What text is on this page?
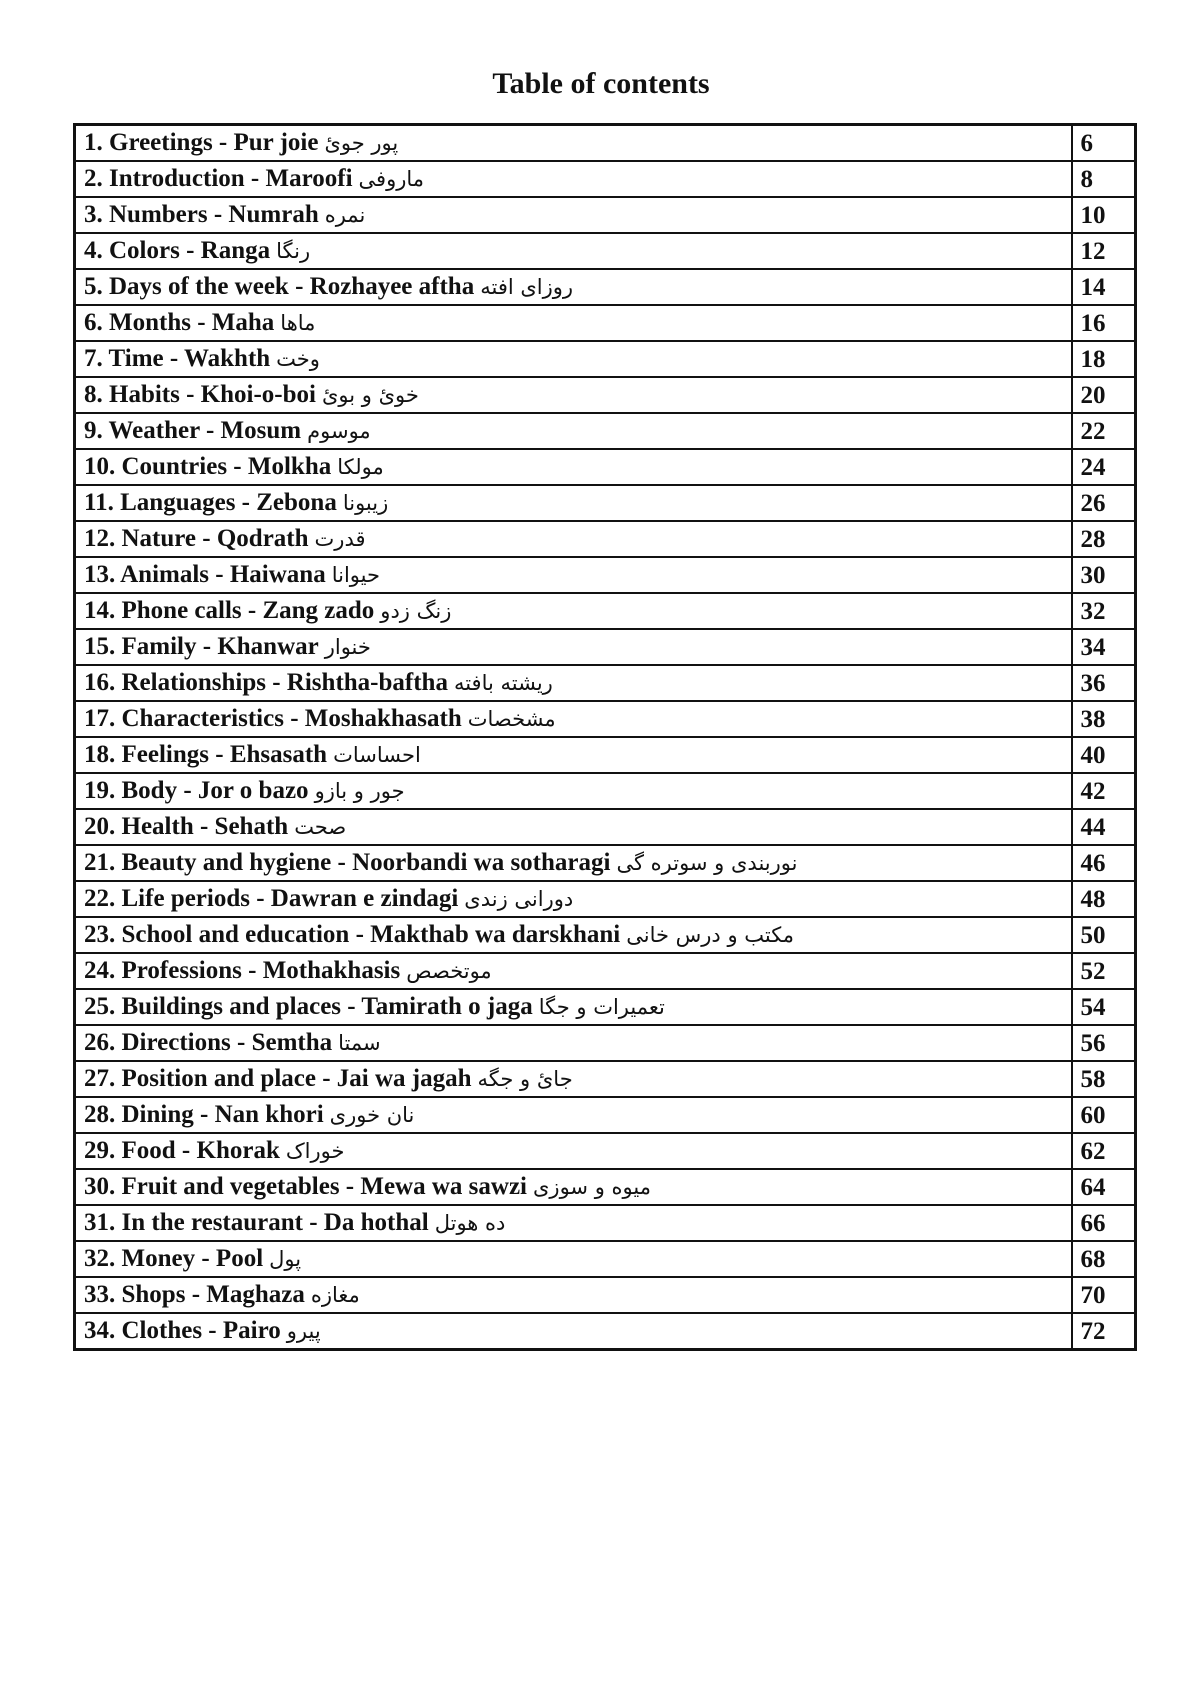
Table of contents
1. Greetings - Pur joie پور جوئ	6
2. Introduction - Maroofi ماروفی	8
3. Numbers - Numrah نمره	10
4. Colors - Ranga رنگا	12
5. Days of the week - Rozhayee aftha روزای افته	14
6. Months - Maha ماها	16
7. Time - Wakhth وخت	18
8. Habits - Khoi-o-boi خوئ و بوئ	20
9. Weather - Mosum موسوم	22
10. Countries - Molkha مولکا	24
11. Languages - Zebona زیبونا	26
12. Nature - Qodrath قدرت	28
13. Animals - Haiwana حیوانا	30
14. Phone calls - Zang zado زنگ زدو	32
15. Family - Khanwar خنوار	34
16. Relationships - Rishtha-baftha ریشته بافته	36
17. Characteristics - Moshakhasath مشخصات	38
18. Feelings - Ehsasath احساسات	40
19. Body - Jor o bazo جور و بازو	42
20. Health - Sehath صحت	44
21. Beauty and hygiene - Noorbandi wa sotharagi نوربندی و سوتره گی	46
22. Life periods - Dawran e zindagi دورانی زندی	48
23. School and education - Makthab wa darskhani مکتب و درس خانی	50
24. Professions - Mothakhasis موتخصص	52
25. Buildings and places - Tamirath o jaga تعمیرات و جگا	54
26. Directions - Semtha سمتا	56
27. Position and place - Jai wa jagah جائ و جگه	58
28. Dining - Nan khori نان خوری	60
29. Food - Khorak خوراک	62
30. Fruit and vegetables - Mewa wa sawzi میوه و سوزی	64
31. In the restaurant - Da hothal ده هوتل	66
32. Money - Pool پول	68
33. Shops - Maghaza مغازه	70
34. Clothes - Pairo پیرو	72
